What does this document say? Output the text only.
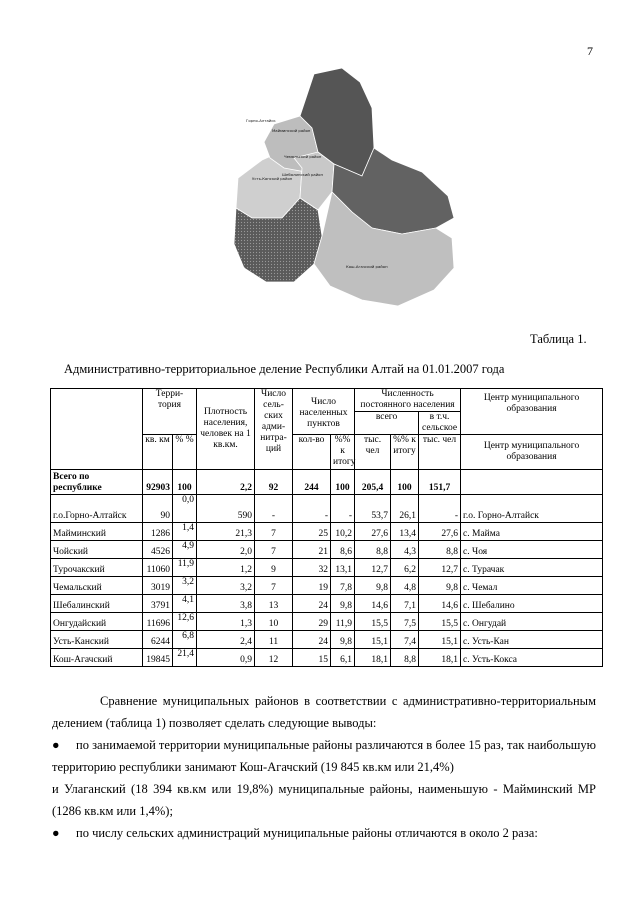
7
Горно-Алтайск
Майминский район
Шебалинский район
Чемальский район
Усть-Канский район
Кош-Агачский район
Таблица 1.
Административно-территориальное деление Республики Алтай на 01.01.2007 года
	Терри-тория		Плотность населения, человек на 1 кв.км.	Число сель-ских адми-нитра-ций	Число населенных пунктов		Численность постоянного населения			Центр муниципального образования
							всего		в т.ч. сельское	
	кв. км	% %			кол-во	%% к итогу	тыс. чел	%% к итогу	тыс. чел	Центр муниципального образования
Всего по республике	92903	100	2,2	92	244	100	205,4	100	151,7	
г.о.Горно-Алтайск	90	0,0	590	-	-	-	53,7	26,1	-	г.о. Горно-Алтайск
Майминский	1286	1,4	21,3	7	25	10,2	27,6	13,4	27,6	с. Майма
Чойский	4526	4,9	2,0	7	21	8,6	8,8	4,3	8,8	с. Чоя
Турочакский	11060	11,9	1,2	9	32	13,1	12,7	6,2	12,7	с. Турачак
Чемальский	3019	3,2	3,2	7	19	7,8	9,8	4,8	9,8	с. Чемал
Шебалинский	3791	4,1	3,8	13	24	9,8	14,6	7,1	14,6	с. Шебалино
Онгудайский	11696	12,6	1,3	10	29	11,9	15,5	7,5	15,5	с. Онгудай
Усть-Канский	6244	6,8	2,4	11	24	9,8	15,1	7,4	15,1	с. Усть-Кан
Кош-Агачский	19845	21,4	0,9	12	15	6,1	18,1	8,8	18,1	с. Усть-Кокса
Сравнение муниципальных районов в соответствии с административно-территориальным делением (таблица 1) позволяет сделать следующие выводы:
● по занимаемой территории муниципальные районы различаются в более 15 раз, так наибольшую территорию республики занимают Кош-Агачский (19 845 кв.км или 21,4%)
и Улаганский (18 394 кв.км или 19,8%) муниципальные районы, наименьшую - Майминский МР (1286 кв.км или 1,4%);
● по числу сельских администраций муниципальные районы отличаются в около 2 раза:
